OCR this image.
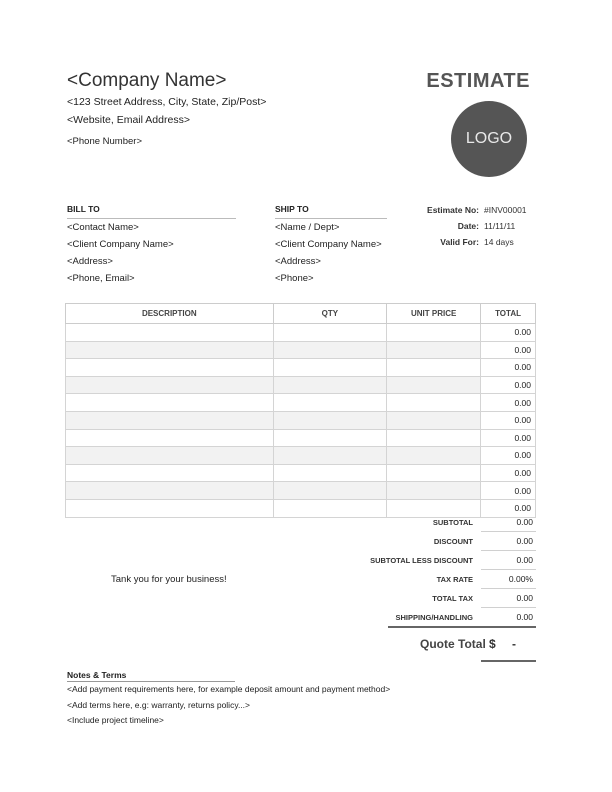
<Company Name>
<123 Street Address, City, State, Zip/Post>
<Website, Email Address>
<Phone Number>
ESTIMATE
LOGO
BILL TO
<Contact Name>
<Client Company Name>
<Address>
<Phone, Email>
SHIP TO
<Name / Dept>
<Client Company Name>
<Address>
<Phone>
Estimate No: #INV00001
Date: 11/11/11
Valid For: 14 days
DESCRIPTION	QTY	UNIT PRICE	TOTAL
			0.00
			0.00
			0.00
			0.00
			0.00
			0.00
			0.00
			0.00
			0.00
			0.00
			0.00
SUBTOTAL	0.00
DISCOUNT	0.00
SUBTOTAL LESS DISCOUNT	0.00
TAX RATE	0.00%
TOTAL TAX	0.00
SHIPPING/HANDLING	0.00
Tank you for your business!
Quote Total $ -
Notes & Terms
<Add payment requirements here, for example deposit amount and payment method>
<Add terms here, e.g: warranty, returns policy...>
<Include project timeline>
